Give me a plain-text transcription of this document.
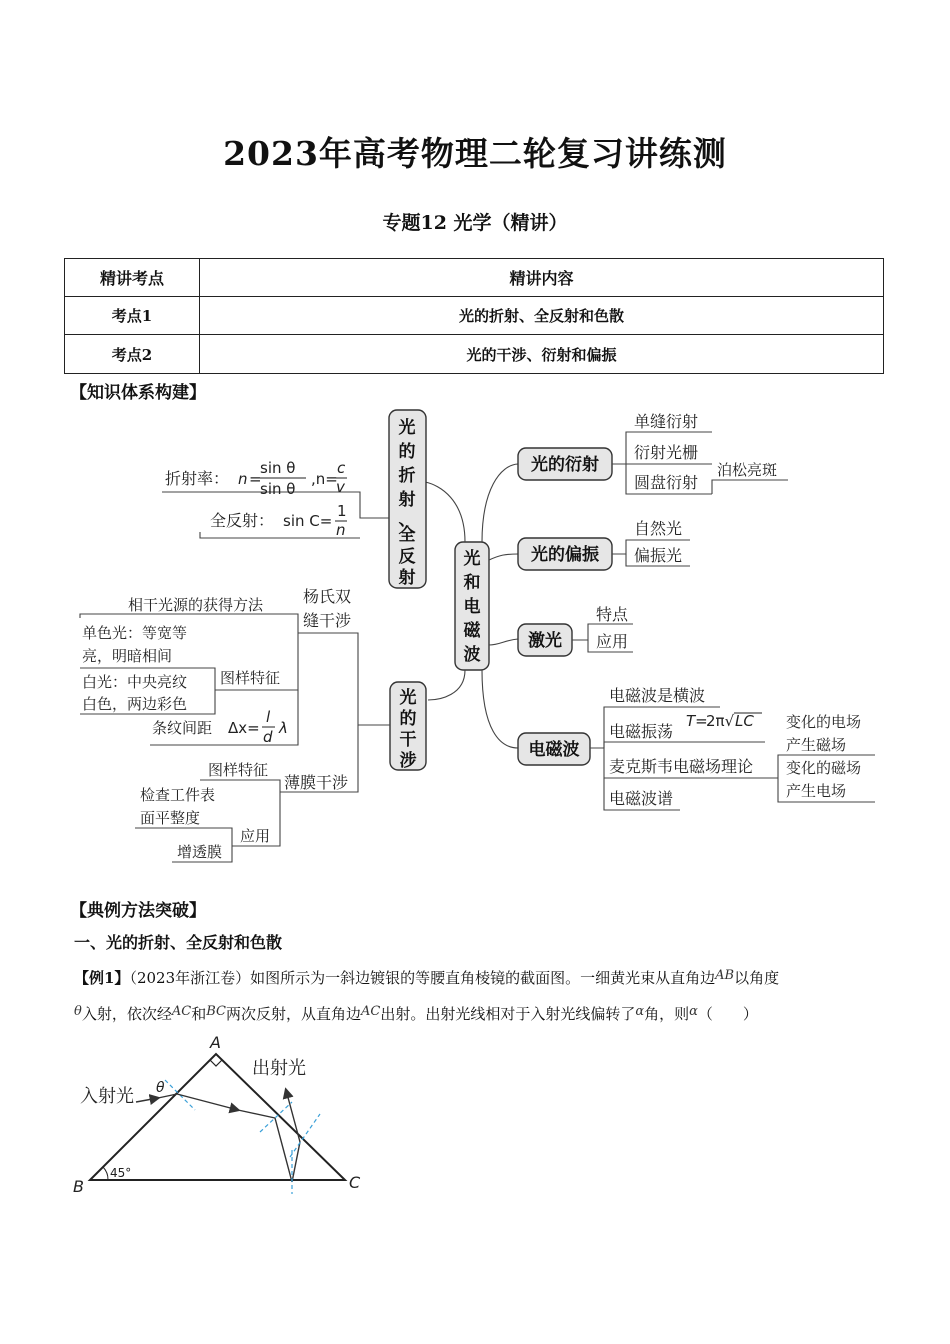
2023年高考物理二轮复习讲练测
专题12 光学（精讲）
精讲考点	精讲内容
考点1	光的折射、全反射和色散
考点2	光的干涉、衍射和偏振
【知识体系构建】
光
和
电
磁
波
光
的
折
射
、
全
反
射
折射率： n =
sin θ
sin θ
,n=
c
v
全反射： sin C=
1
n
光
的
干
涉
杨氏双
缝干涉
相干光源的获得方法
图样特征
单色光：等宽等
亮，明暗相间
白光：中央亮纹
白色，两边彩色
条纹间距 Δx=
l
d λ
薄膜干涉
图样特征
应用
检查工件表
面平整度
增透膜
光的衍射
单缝衍射
衍射光栅
圆盘衍射
泊松亮斑
光的偏振
自然光
偏振光
激光
特点
应用
电磁波
电磁波是横波
电磁振荡
T=
2π√ LC
麦克斯韦电磁场理论
电磁波谱
变化的电场
产生磁场
变化的磁场
产生电场
【典例方法突破】
一、光的折射、全反射和色散
【例1】（2023年浙江卷）如图所示为一斜边镀银的等腰直角棱镜的截面图。一细黄光束从直角边AB以角度
θ入射，依次经AC和BC两次反射，从直角边AC出射。出射光线相对于入射光线偏转了α角，则α（　　）
45°
A
B	C
入射光 θ
出射光
